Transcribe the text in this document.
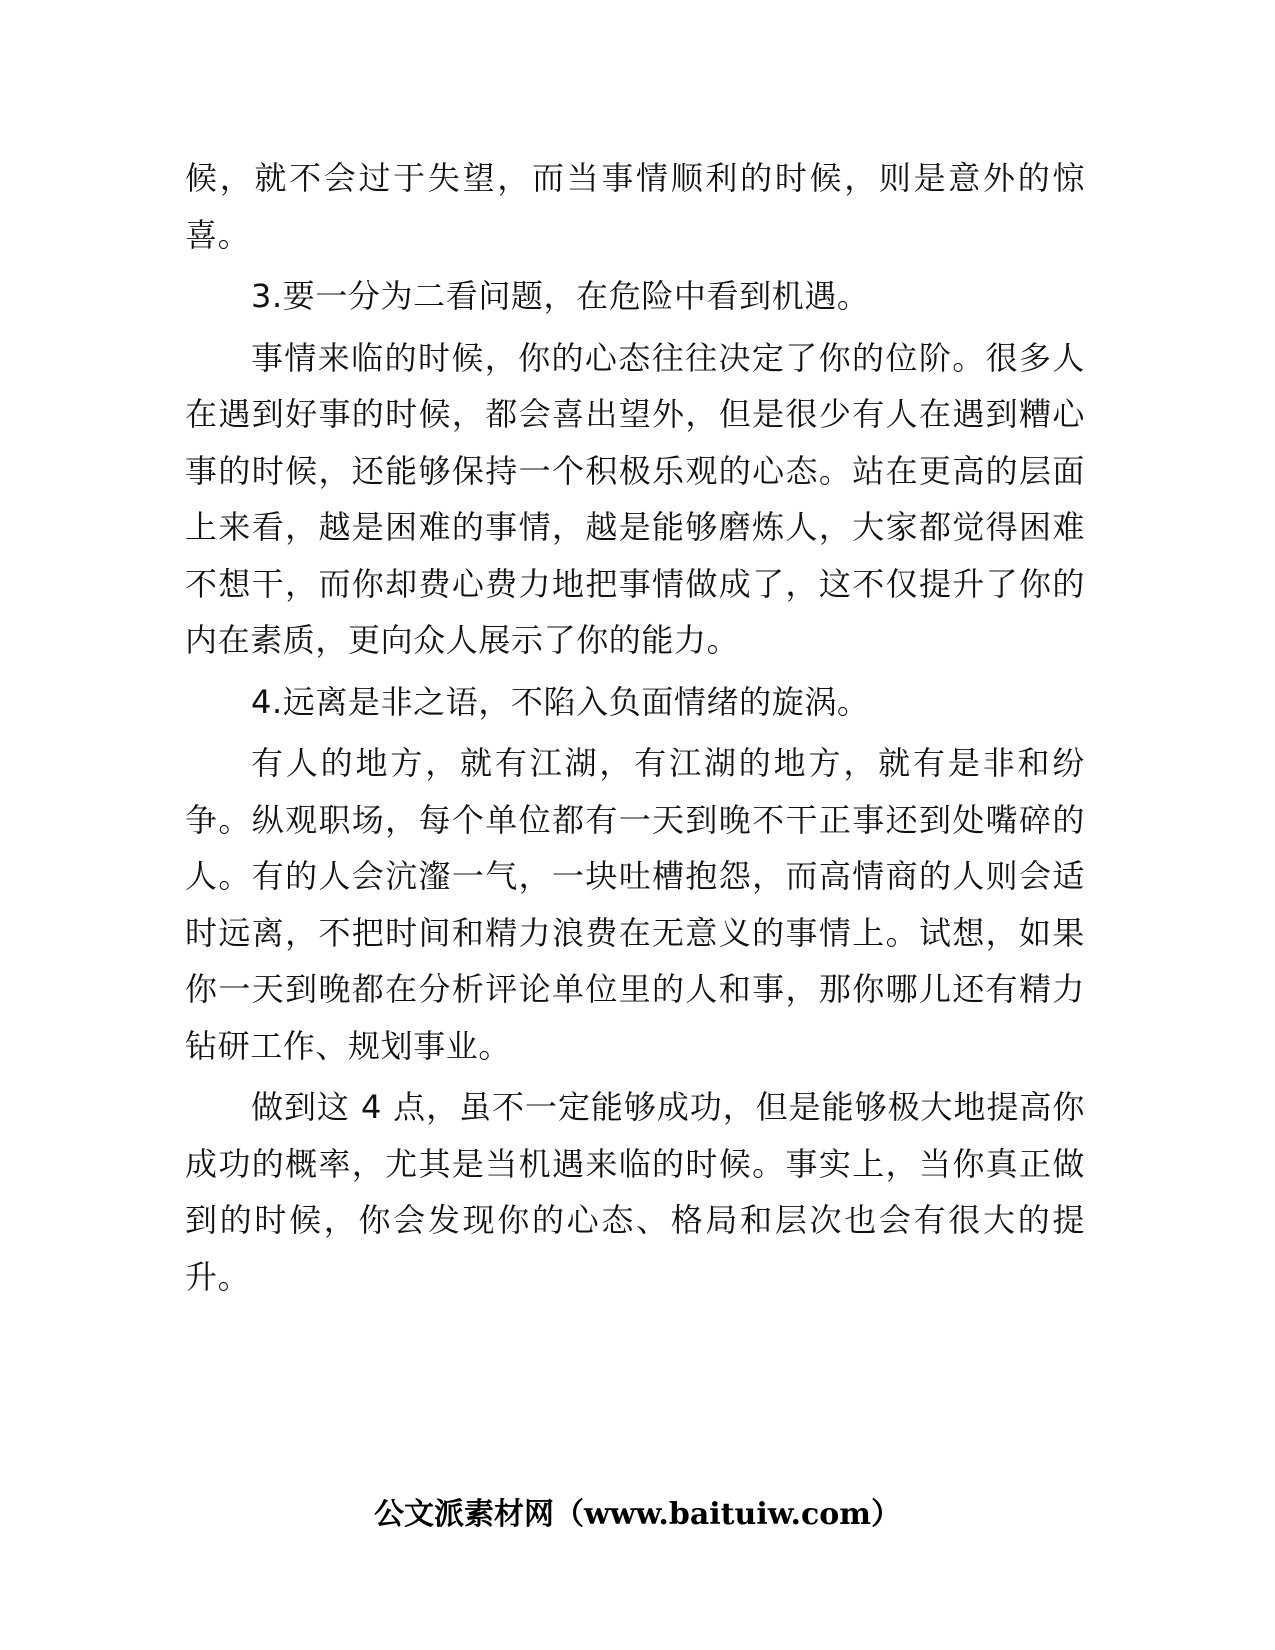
候，就不会过于失望，而当事情顺利的时候，则是意外的惊喜。

3.要一分为二看问题，在危险中看到机遇。

事情来临的时候，你的心态往往决定了你的位阶。很多人在遇到好事的时候，都会喜出望外，但是很少有人在遇到糟心事的时候，还能够保持一个积极乐观的心态。站在更高的层面上来看，越是困难的事情，越是能够磨炼人，大家都觉得困难不想干，而你却费心费力地把事情做成了，这不仅提升了你的内在素质，更向众人展示了你的能力。

4.远离是非之语，不陷入负面情绪的旋涡。

有人的地方，就有江湖，有江湖的地方，就有是非和纷争。纵观职场，每个单位都有一天到晚不干正事还到处嘴碎的人。有的人会沆瀣一气，一块吐槽抱怨，而高情商的人则会适时远离，不把时间和精力浪费在无意义的事情上。试想，如果你一天到晚都在分析评论单位里的人和事，那你哪儿还有精力钻研工作、规划事业。

做到这 4 点，虽不一定能够成功，但是能够极大地提高你成功的概率，尤其是当机遇来临的时候。事实上，当你真正做到的时候，你会发现你的心态、格局和层次也会有很大的提升。

公文派素材网（www.baituiw.com）
